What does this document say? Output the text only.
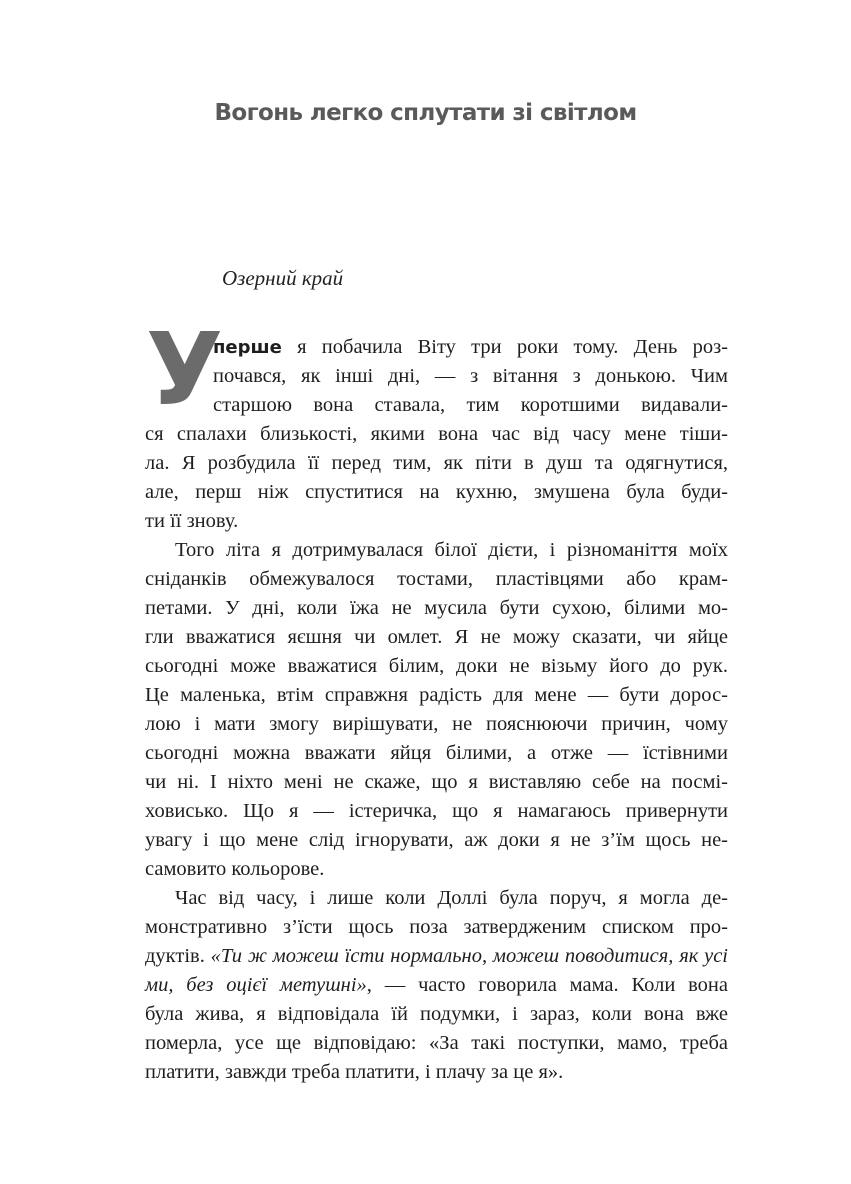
Вогонь легко сплутати зі світлом
Озерний край
У
перше я побачила Віту три роки тому. День роз-
почався, як інші дні, — з вітання з донькою. Чим
старшою вона ставала, тим коротшими видавали-
ся спалахи близькості, якими вона час від часу мене тіши-
ла. Я розбудила її перед тим, як піти в душ та одягнутися,
але, перш ніж спуститися на кухню, змушена була буди-
ти її знову.
Того літа я дотримувалася білої дієти, і різноманіття моїх
сніданків обмежувалося тостами, пластівцями або крам-
петами. У дні, коли їжа не мусила бути сухою, білими мо-
гли вважатися яєшня чи омлет. Я не можу сказати, чи яйце
сьогодні може вважатися білим, доки не візьму його до рук.
Це маленька, втім справжня радість для мене — бути дорос-
лою і мати змогу вирішувати, не пояснюючи причин, чому
сьогодні можна вважати яйця білими, а отже — їстівними
чи ні. І ніхто мені не скаже, що я виставляю себе на посмі-
ховисько. Що я — істеричка, що я намагаюсь привернути
увагу і що мене слід ігнорувати, аж доки я не з’їм щось не-
самовито кольорове.
Час від часу, і лише коли Доллі була поруч, я могла де-
монстративно з’їсти щось поза затвердженим списком про-
дуктів. «Ти ж можеш їсти нормально, можеш поводитися, як усі
ми, без оцієї метушні», — часто говорила мама. Коли вона
була жива, я відповідала їй подумки, і зараз, коли вона вже
померла, усе ще відповідаю: «За такі поступки, мамо, треба
платити, завжди треба платити, і плачу за це я».
